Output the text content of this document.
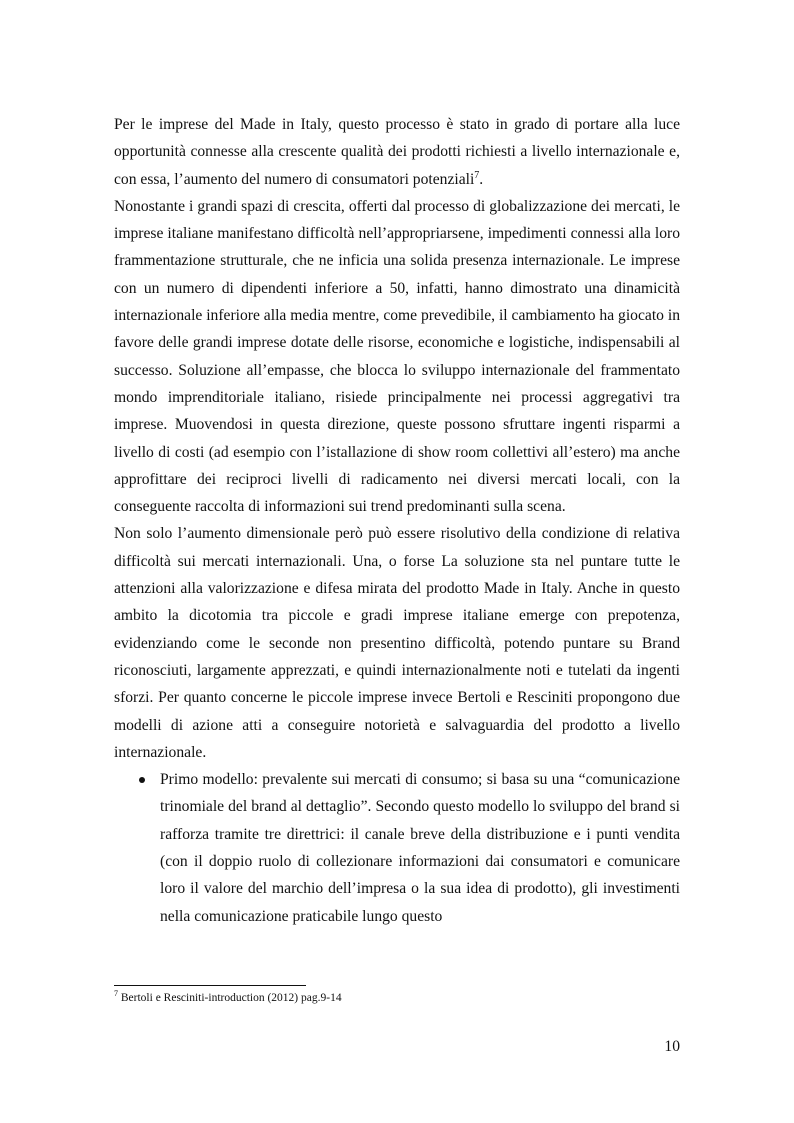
Per le imprese del Made in Italy, questo processo è stato in grado di portare alla luce opportunità connesse alla crescente qualità dei prodotti richiesti a livello internazionale e, con essa, l’aumento del numero di consumatori potenziali$^7$.

Nonostante i grandi spazi di crescita, offerti dal processo di globalizzazione dei mercati, le imprese italiane manifestano difficoltà nell’appropriarsene, impedimenti connessi alla loro frammentazione strutturale, che ne inficia una solida presenza internazionale. Le imprese con un numero di dipendenti inferiore a 50, infatti, hanno dimostrato una dinamicità internazionale inferiore alla media mentre, come prevedibile, il cambiamento ha giocato in favore delle grandi imprese dotate delle risorse, economiche e logistiche, indispensabili al successo. Soluzione all’empasse, che blocca lo sviluppo internazionale del frammentato mondo imprenditoriale italiano, risiede principalmente nei processi aggregativi tra imprese. Muovendosi in questa direzione, queste possono sfruttare ingenti risparmi a livello di costi (ad esempio con l’istallazione di show room collettivi all’estero) ma anche approfittare dei reciproci livelli di radicamento nei diversi mercati locali, con la conseguente raccolta di informazioni sui trend predominanti sulla scena.

Non solo l’aumento dimensionale però può essere risolutivo della condizione di relativa difficoltà sui mercati internazionali. Una, o forse La soluzione sta nel puntare tutte le attenzioni alla valorizzazione e difesa mirata del prodotto Made in Italy. Anche in questo ambito la dicotomia tra piccole e gradi imprese italiane emerge con prepotenza, evidenziando come le seconde non presentino difficoltà, potendo puntare su Brand riconosciuti, largamente apprezzati, e quindi internazionalmente noti e tutelati da ingenti sforzi. Per quanto concerne le piccole imprese invece Bertoli e Resciniti propongono due modelli di azione atti a conseguire notorietà e salvaguardia del prodotto a livello internazionale.

Primo modello: prevalente sui mercati di consumo; si basa su una “comunicazione trinomiale del brand al dettaglio”. Secondo questo modello lo sviluppo del brand si rafforza tramite tre direttrici: il canale breve della distribuzione e i punti vendita (con il doppio ruolo di collezionare informazioni dai consumatori e comunicare loro il valore del marchio dell’impresa o la sua idea di prodotto), gli investimenti nella comunicazione praticabile lungo questo
$^7$ Bertoli e Resciniti-introduction (2012) pag.9-14
10
